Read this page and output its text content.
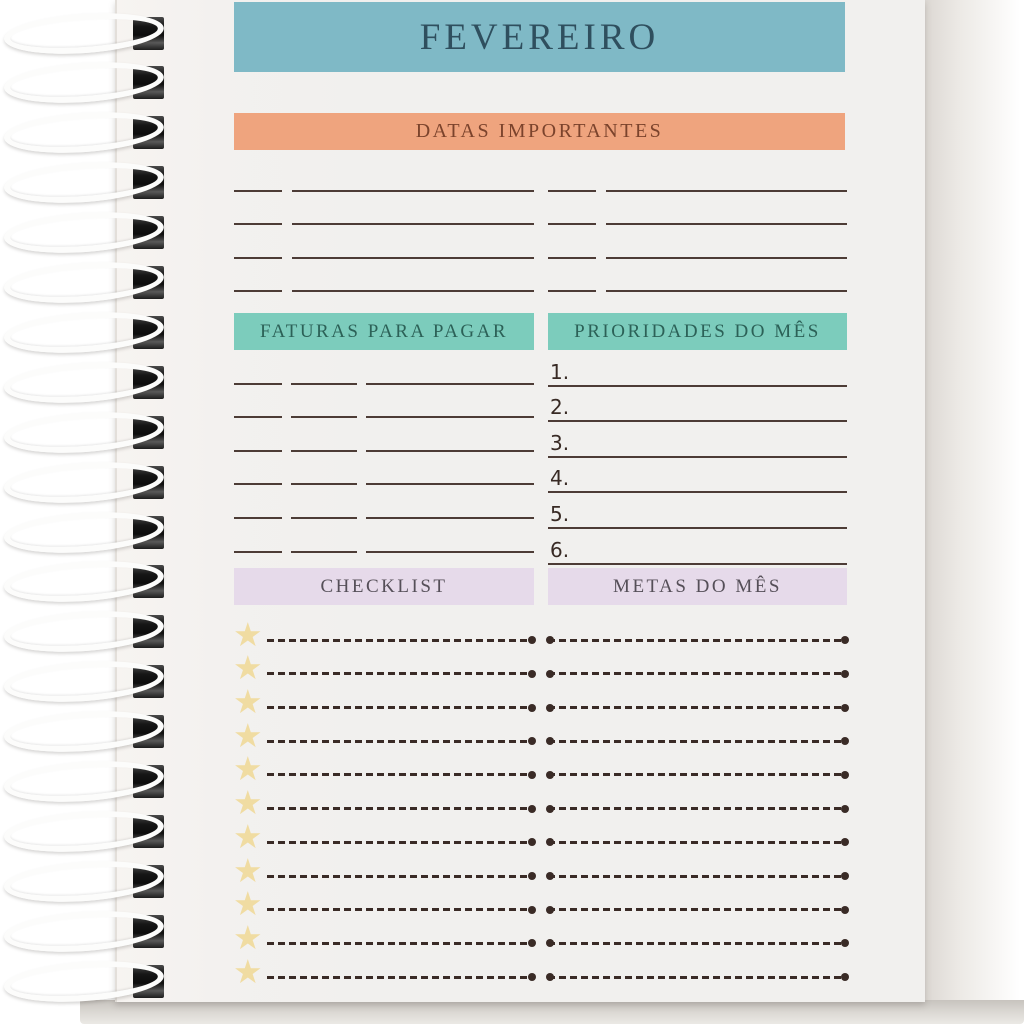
FEVEREIRO
DATAS IMPORTANTES
FATURAS PARA PAGAR	PRIORIDADES DO MÊS
1.
2.
3.
4.
5.
6.
CHECKLIST	METAS DO MÊS
★
★
★
★
★
★
★
★
★
★
★
